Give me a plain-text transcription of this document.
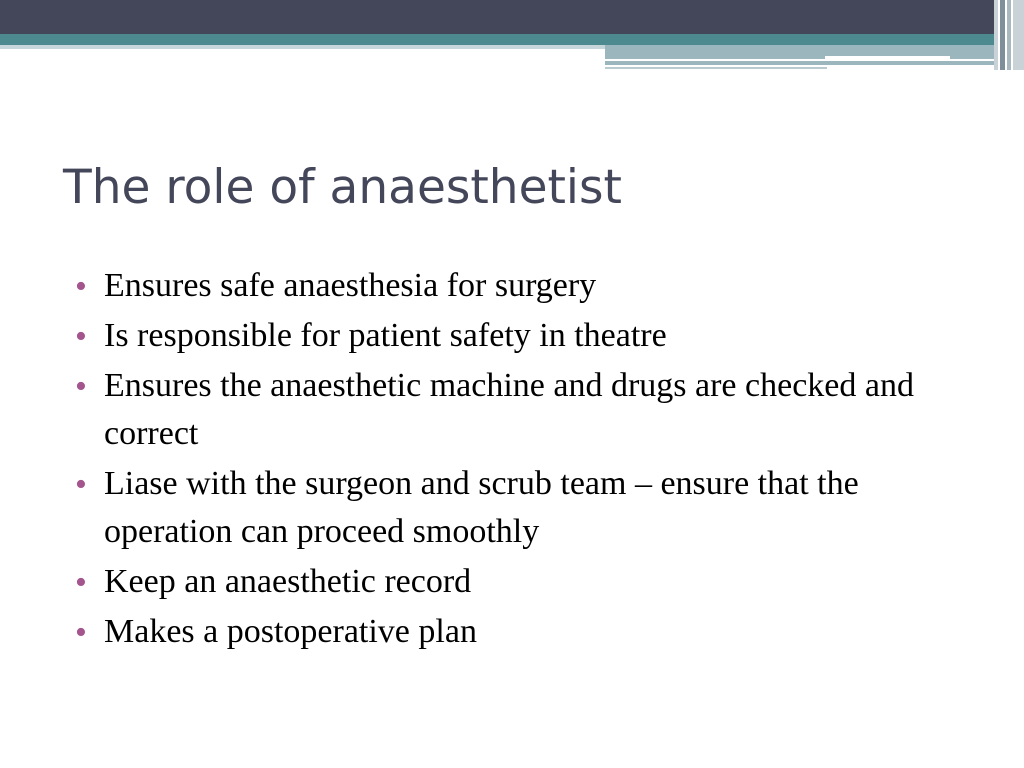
The role of anaesthetist
• Ensures safe anaesthesia for surgery
• Is responsible for patient safety in theatre
• Ensures the anaesthetic machine and drugs are checked and correct
• Liase with the surgeon and scrub team – ensure that the operation can proceed smoothly
• Keep an anaesthetic record
• Makes a postoperative plan
